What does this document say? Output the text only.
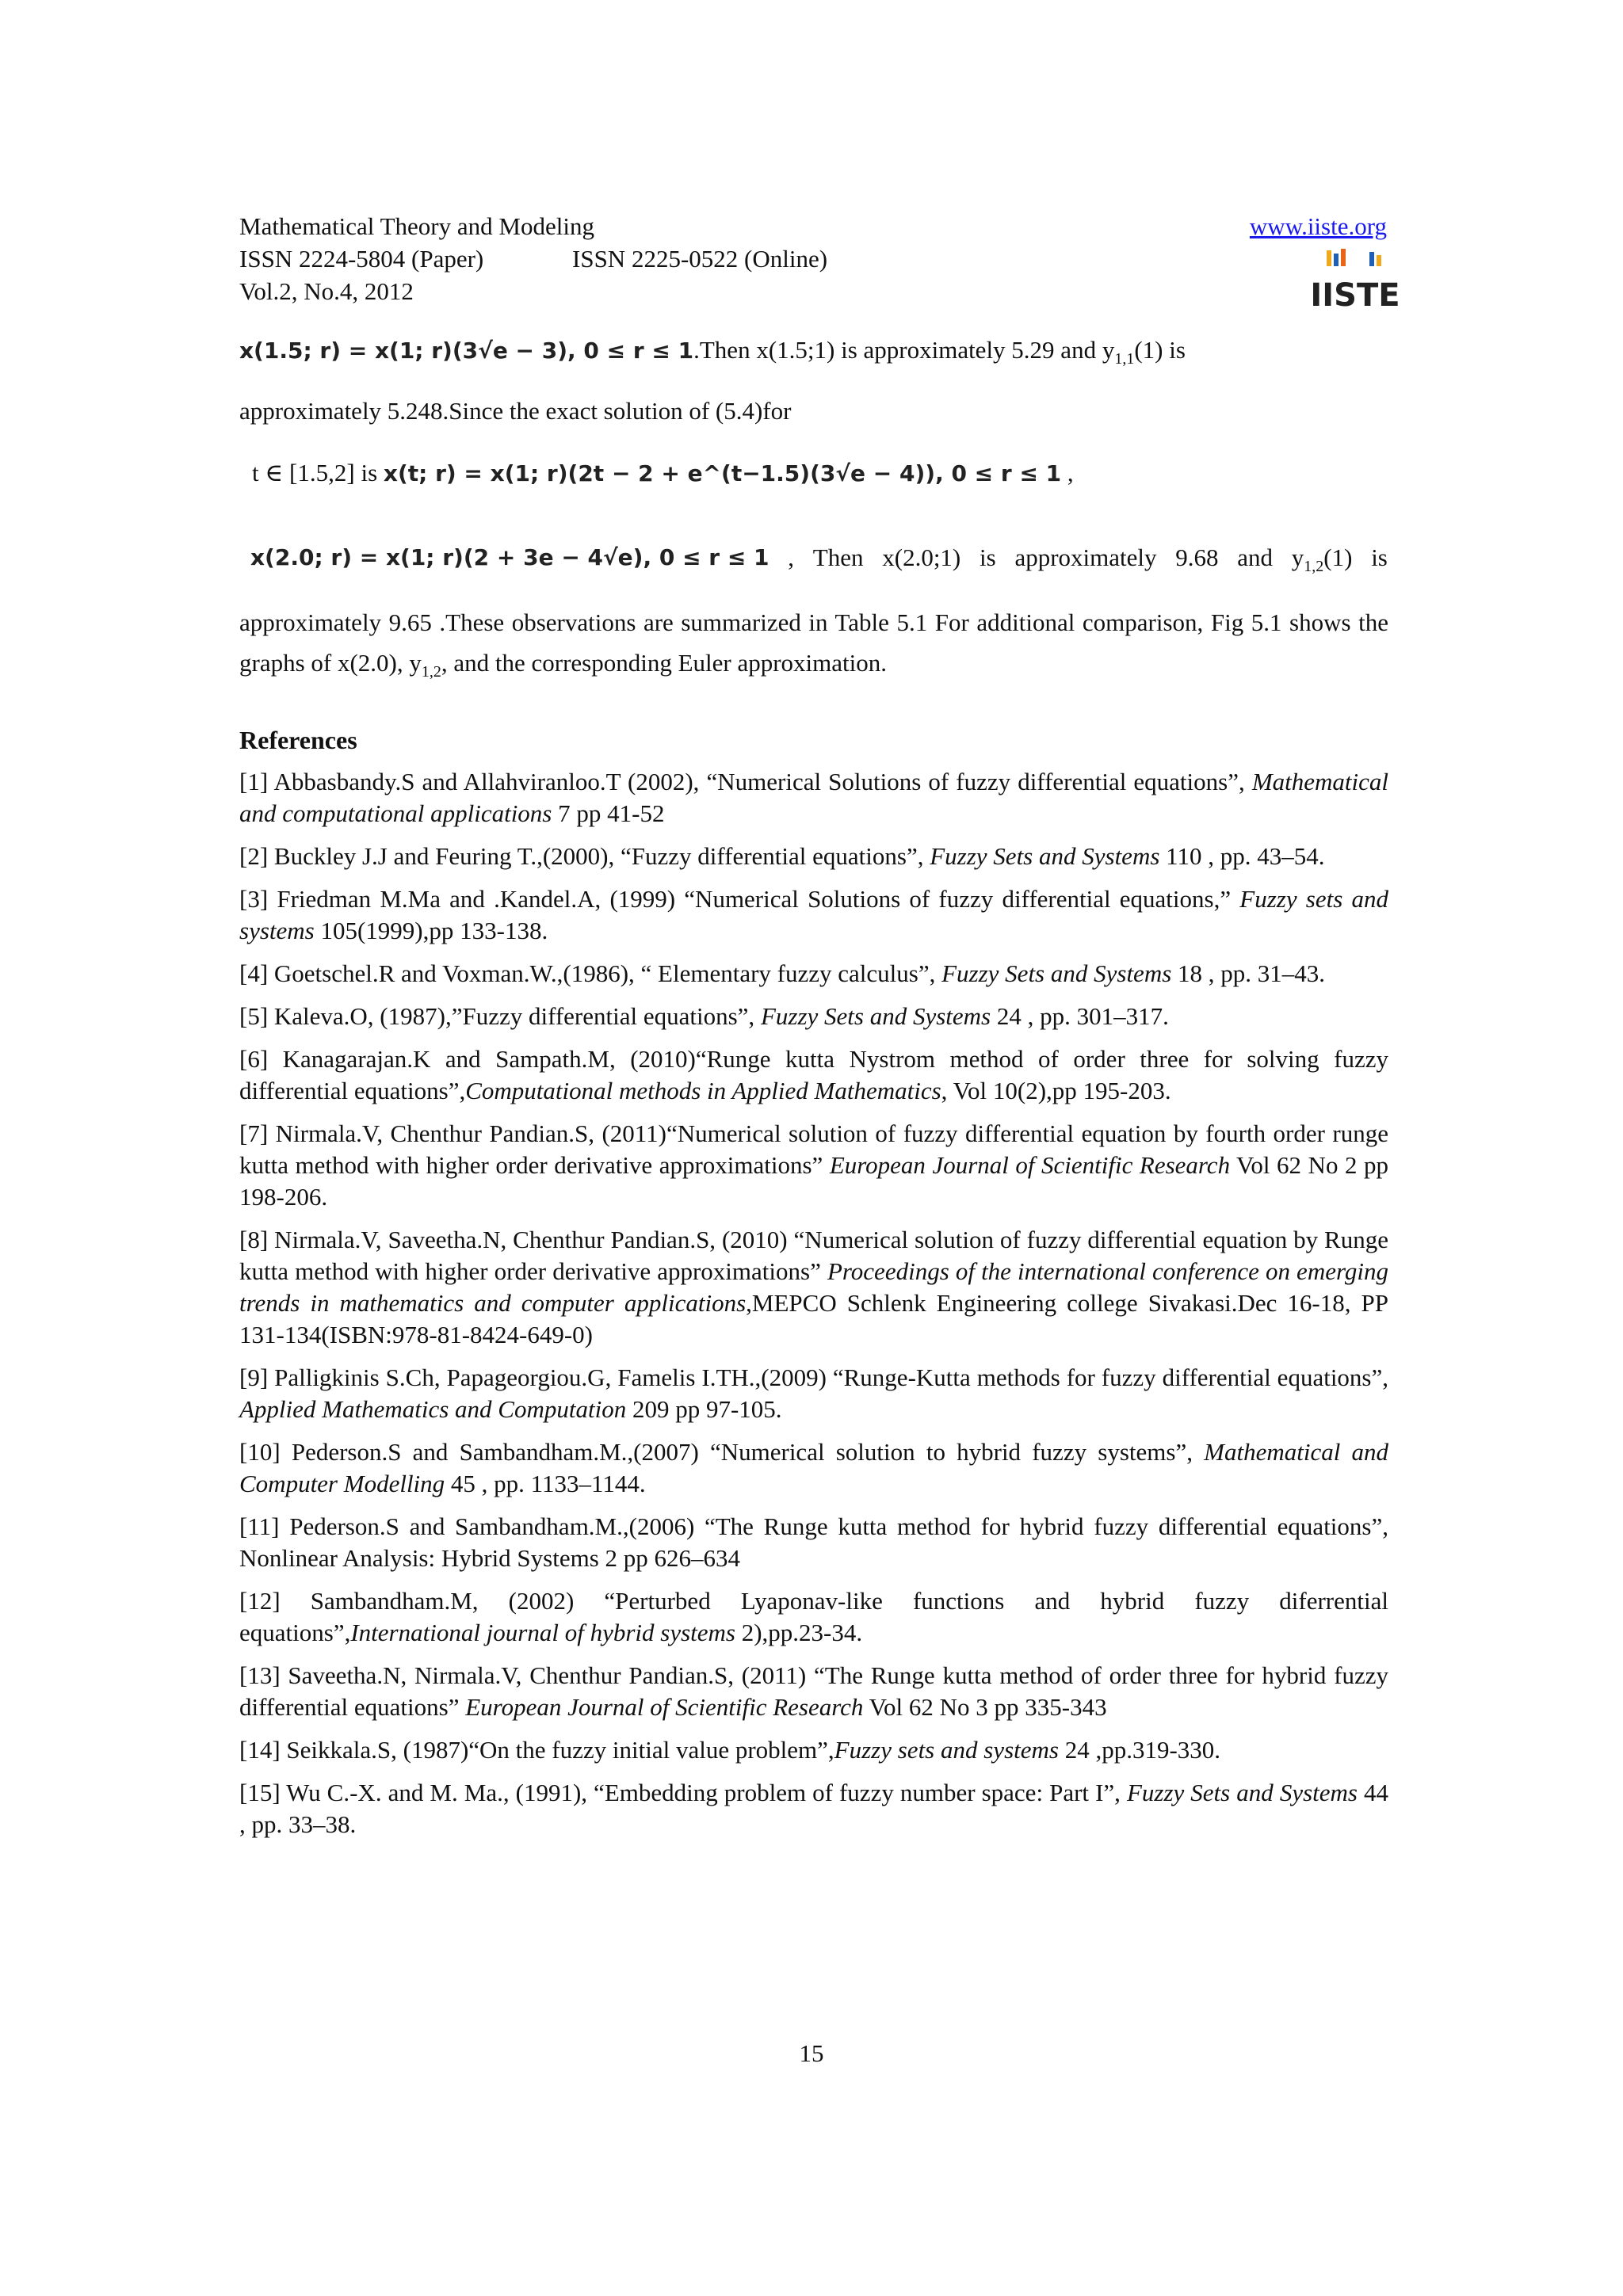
Mathematical Theory and Modeling
ISSN 2224-5804 (Paper)	ISSN 2225-0522 (Online)
Vol.2, No.4, 2012
www.iiste.org
IISTE
x(1.5; r) = x(1; r)(3√e − 3), 0 ≤ r ≤ 1.Then x(1.5;1) is approximately 5.29 and $y_{1,1}(1)$ is
approximately 5.248.Since the exact solution of (5.4)for
t ∈ [1.5,2] is x(t; r) = x(1; r)(2t − 2 + e^(t−1.5)(3√e − 4)), 0 ≤ r ≤ 1 ,
x(2.0; r) = x(1; r)(2 + 3e − 4√e), 0 ≤ r ≤ 1 , Then x(2.0;1) is approximately 9.68 and $y_{1,2}(1)$ is
approximately 9.65 .These observations are summarized in Table 5.1 For additional comparison, Fig 5.1 shows the graphs of x(2.0), $y_{1,2}$, and the corresponding Euler approximation.
References

[1] Abbasbandy.S and Allahviranloo.T (2002), “Numerical Solutions of fuzzy differential equations”, Mathematical and computational applications 7 pp 41-52

[2] Buckley J.J and Feuring T.,(2000), “Fuzzy differential equations”, Fuzzy Sets and Systems 110 , pp. 43–54.

[3] Friedman M.Ma and .Kandel.A, (1999) “Numerical Solutions of fuzzy differential equations,” Fuzzy sets and systems 105(1999),pp 133-138.

[4] Goetschel.R and Voxman.W.,(1986), “ Elementary fuzzy calculus”, Fuzzy Sets and Systems 18 , pp. 31–43.

[5] Kaleva.O, (1987),”Fuzzy differential equations”, Fuzzy Sets and Systems 24 , pp. 301–317.

[6] Kanagarajan.K and Sampath.M, (2010)“Runge kutta Nystrom method of order three for solving fuzzy differential equations”,Computational methods in Applied Mathematics, Vol 10(2),pp 195-203.

[7] Nirmala.V, Chenthur Pandian.S, (2011)“Numerical solution of fuzzy differential equation by fourth order runge kutta method with higher order derivative approximations” European Journal of Scientific Research Vol 62 No 2 pp 198-206.

[8] Nirmala.V, Saveetha.N, Chenthur Pandian.S, (2010) “Numerical solution of fuzzy differential equation by Runge kutta method with higher order derivative approximations” Proceedings of the international conference on emerging trends in mathematics and computer applications,MEPCO Schlenk Engineering college Sivakasi.Dec 16-18, PP 131-134(ISBN:978-81-8424-649-0)

[9] Palligkinis S.Ch, Papageorgiou.G, Famelis I.TH.,(2009) “Runge-Kutta methods for fuzzy differential equations”, Applied Mathematics and Computation 209 pp 97-105.

[10] Pederson.S and Sambandham.M.,(2007) “Numerical solution to hybrid fuzzy systems”, Mathematical and Computer Modelling 45 , pp. 1133–1144.

[11] Pederson.S and Sambandham.M.,(2006) “The Runge kutta method for hybrid fuzzy differential equations”, Nonlinear Analysis: Hybrid Systems 2 pp 626–634

[12] Sambandham.M, (2002) “Perturbed Lyaponav-like functions and hybrid fuzzy diferrential equations”,International journal of hybrid systems 2),pp.23-34.

[13] Saveetha.N, Nirmala.V, Chenthur Pandian.S, (2011) “The Runge kutta method of order three for hybrid fuzzy differential equations” European Journal of Scientific Research Vol 62 No 3 pp 335-343

[14] Seikkala.S, (1987)“On the fuzzy initial value problem”,Fuzzy sets and systems 24 ,pp.319-330.

[15] Wu C.-X. and M. Ma., (1991), “Embedding problem of fuzzy number space: Part I”, Fuzzy Sets and Systems 44 , pp. 33–38.

15
